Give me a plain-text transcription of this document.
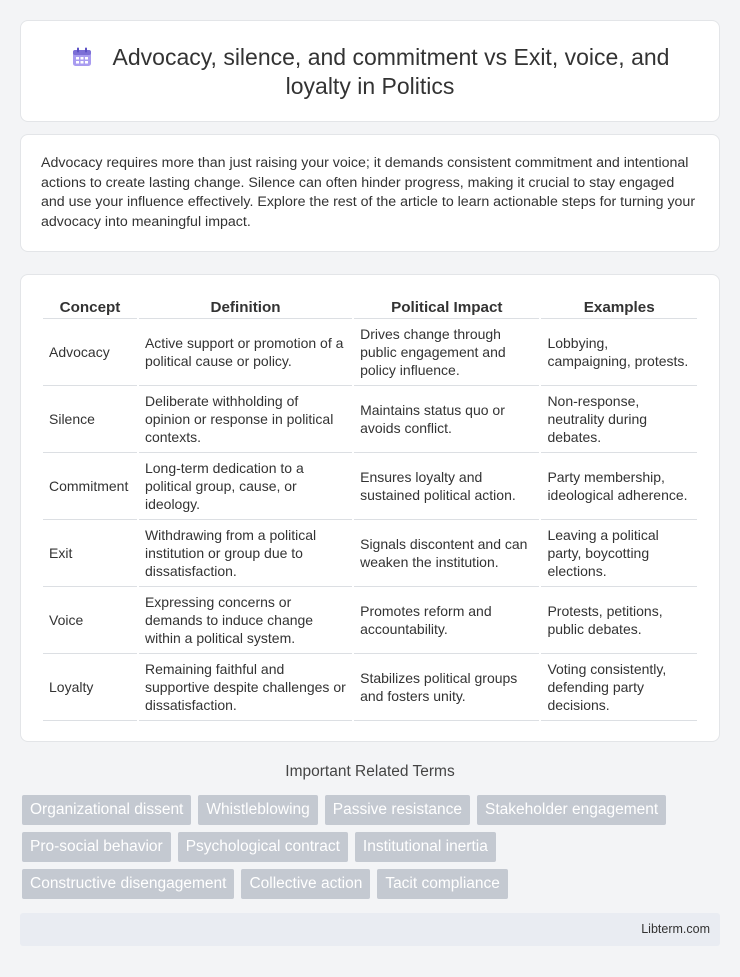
Advocacy, silence, and commitment vs Exit, voice, and loyalty in Politics

Advocacy requires more than just raising your voice; it demands consistent commitment and intentional actions to create lasting change. Silence can often hinder progress, making it crucial to stay engaged and use your influence effectively. Explore the rest of the article to learn actionable steps for turning your advocacy into meaningful impact.

Concept	Definition	Political Impact	Examples
Advocacy	Active support or promotion of a political cause or policy.	Drives change through public engagement and policy influence.	Lobbying, campaigning, protests.
Silence	Deliberate withholding of opinion or response in political contexts.	Maintains status quo or avoids conflict.	Non-response, neutrality during debates.
Commitment	Long-term dedication to a political group, cause, or ideology.	Ensures loyalty and sustained political action.	Party membership, ideological adherence.
Exit	Withdrawing from a political institution or group due to dissatisfaction.	Signals discontent and can weaken the institution.	Leaving a political party, boycotting elections.
Voice	Expressing concerns or demands to induce change within a political system.	Promotes reform and accountability.	Protests, petitions, public debates.
Loyalty	Remaining faithful and supportive despite challenges or dissatisfaction.	Stabilizes political groups and fosters unity.	Voting consistently, defending party decisions.
Important Related Terms
Organizational dissent	Whistleblowing	Passive resistance	Stakeholder engagement
Pro-social behavior	Psychological contract	Institutional inertia
Constructive disengagement	Collective action	Tacit compliance
Libterm.com
